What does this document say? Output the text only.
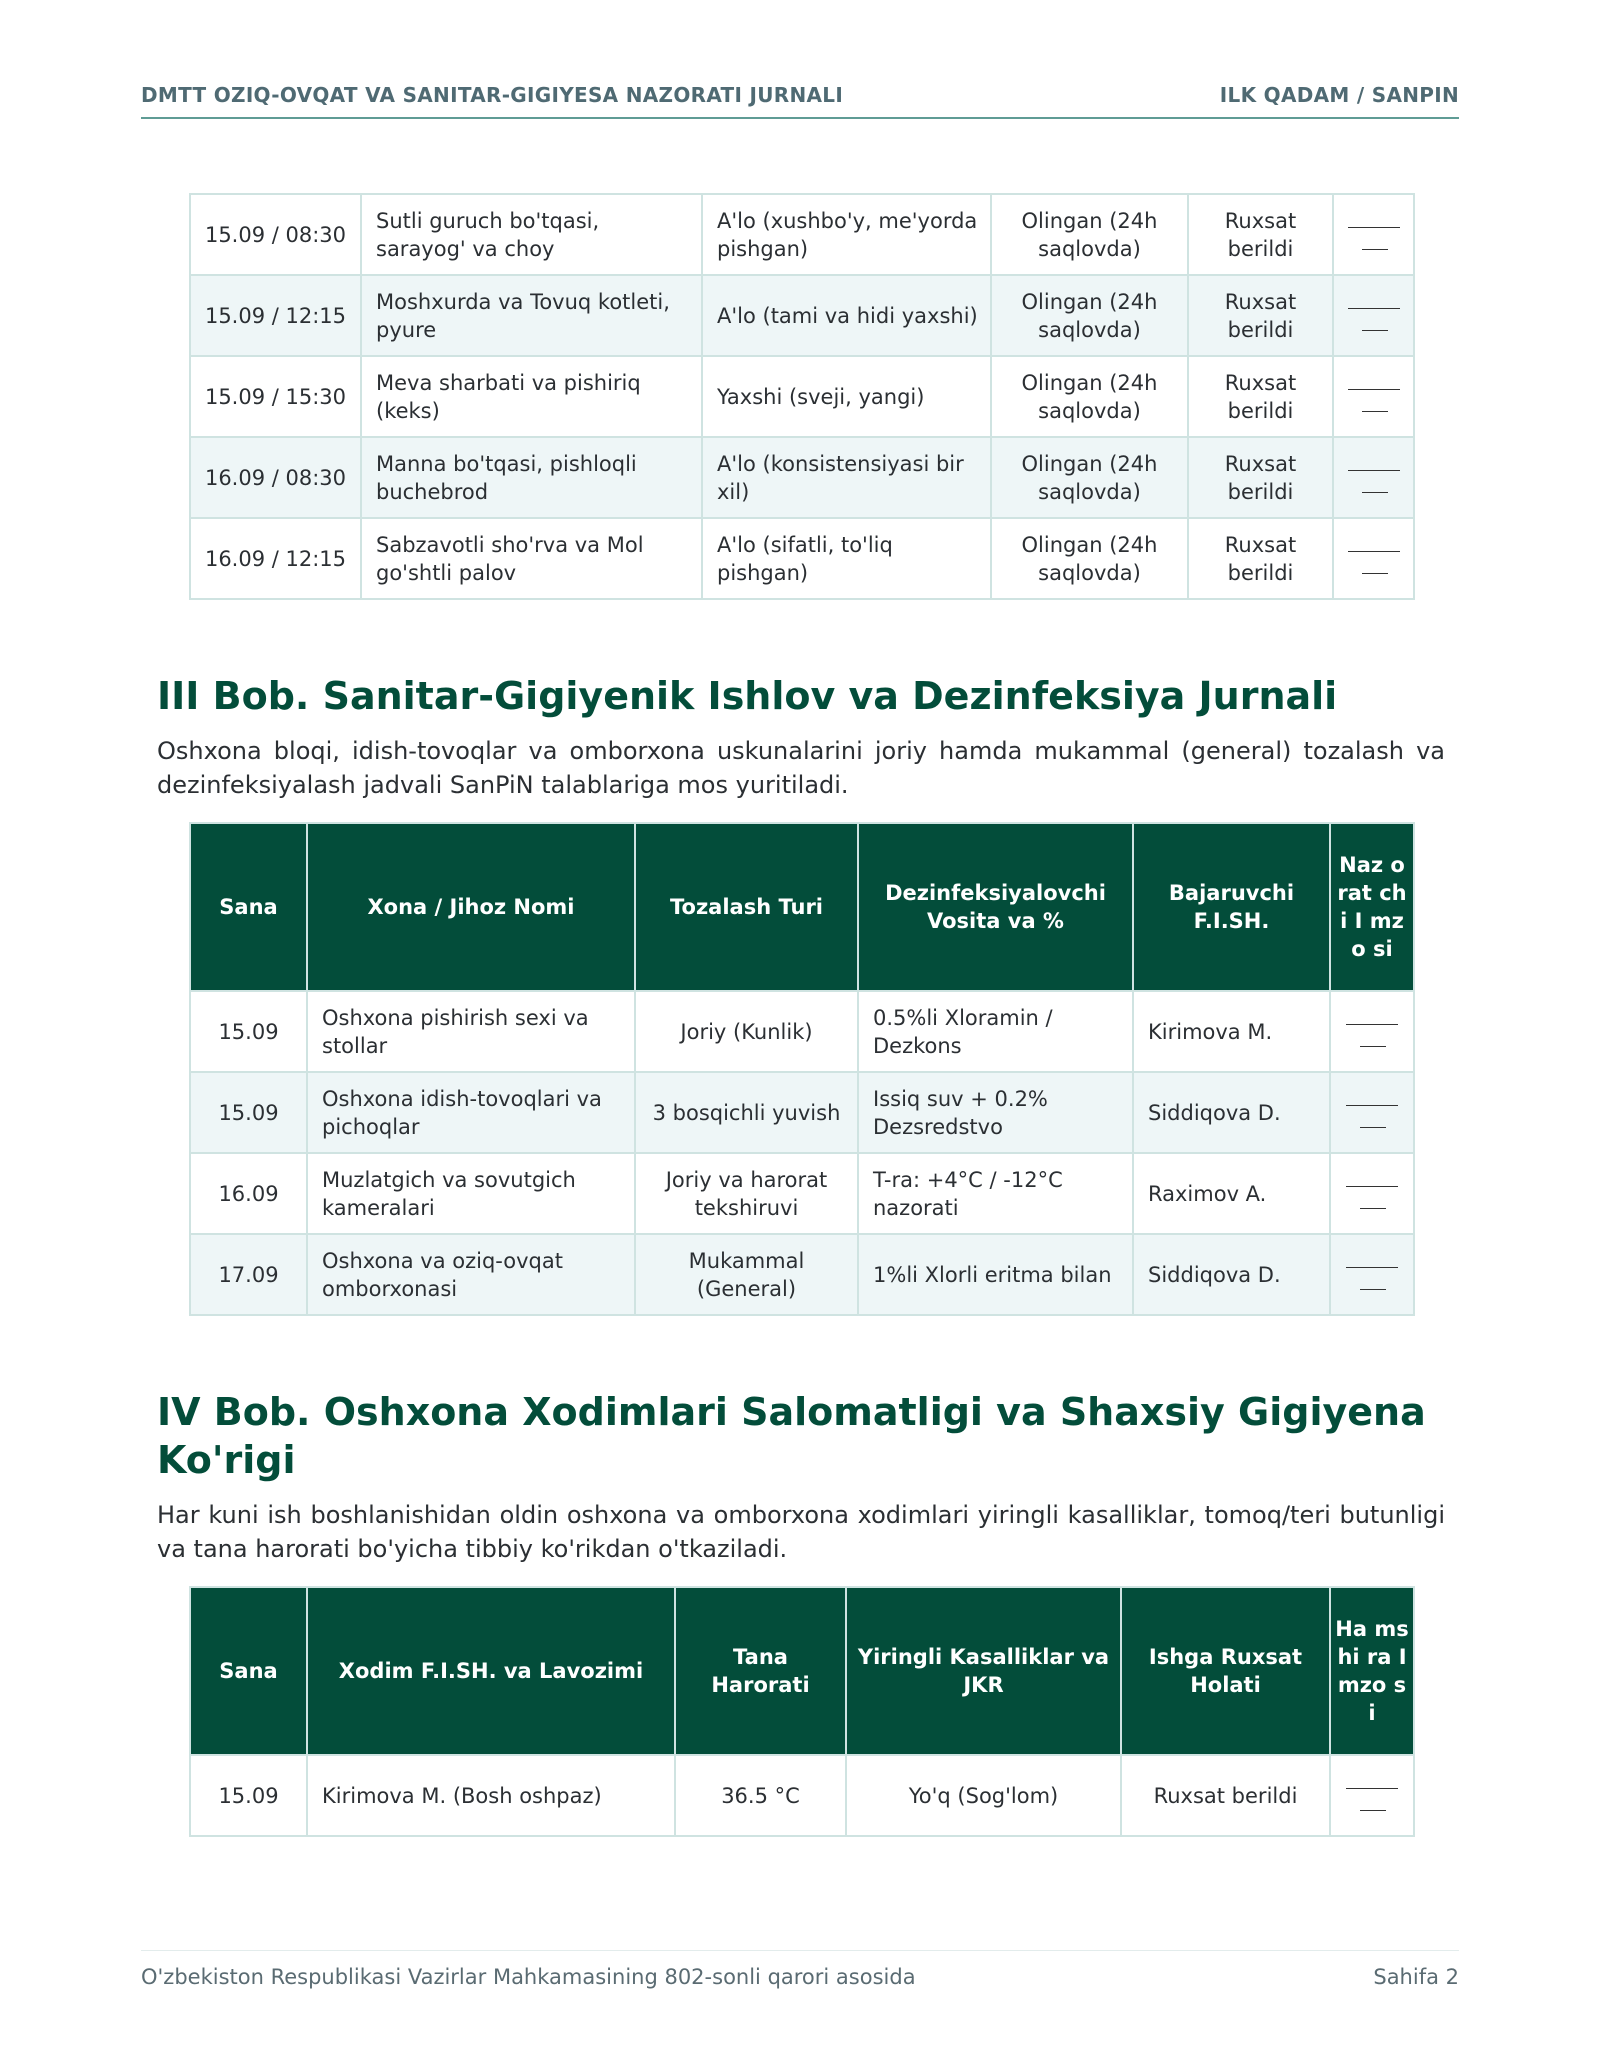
DMTT OZIQ-OVQAT VA SANITAR-GIGIYESA NAZORATI JURNALI	ILK QADAM / SANPIN
15.09 / 08:30	Sutli guruch bo'tqasi, sarayog' va choy	A'lo (xushbo'y, me'yorda pishgan)	Olingan (24h saqlovda)	Ruxsat berildi	
15.09 / 12:15	Moshxurda va Tovuq kotleti, pyure	A'lo (tami va hidi yaxshi)	Olingan (24h saqlovda)	Ruxsat berildi	
15.09 / 15:30	Meva sharbati va pishiriq (keks)	Yaxshi (sveji, yangi)	Olingan (24h saqlovda)	Ruxsat berildi	
16.09 / 08:30	Manna bo'tqasi, pishloqli buchebrod	A'lo (konsistensiyasi bir xil)	Olingan (24h saqlovda)	Ruxsat berildi	
16.09 / 12:15	Sabzavotli sho'rva va Mol go'shtli palov	A'lo (sifatli, to'liq pishgan)	Olingan (24h saqlovda)	Ruxsat berildi	
III Bob. Sanitar-Gigiyenik Ishlov va Dezinfeksiya Jurnali

Oshxona bloqi, idish-tovoqlar va omborxona uskunalarini joriy hamda mukammal (general) tozalash va dezinfeksiyalash jadvali SanPiN talablariga mos yuritiladi.

Sana	Xona / Jihoz Nomi	Tozalash Turi	Dezinfeksiyalovchi Vosita va %	Bajaruvchi F.I.SH.	Naz orat chi I mzo si
15.09	Oshxona pishirish sexi va stollar	Joriy (Kunlik)	0.5%li Xloramin / Dezkons	Kirimova M.	
15.09	Oshxona idish-tovoqlari va pichoqlar	3 bosqichli yuvish	Issiq suv + 0.2% Dezsredstvo	Siddiqova D.	
16.09	Muzlatgich va sovutgich kameralari	Joriy va harorat tekshiruvi	T-ra: +4°C / -12°C nazorati	Raximov A.	
17.09	Oshxona va oziq-ovqat omborxonasi	Mukammal (General)	1%li Xlorli eritma bilan	Siddiqova D.	
IV Bob. Oshxona Xodimlari Salomatligi va Shaxsiy Gigiyena Ko'rigi

Har kuni ish boshlanishidan oldin oshxona va omborxona xodimlari yiringli kasalliklar, tomoq/teri butunligi va tana harorati bo'yicha tibbiy ko'rikdan o'tkaziladi.

Sana	Xodim F.I.SH. va Lavozimi	Tana Harorati	Yiringli Kasalliklar va JKR	Ishga Ruxsat Holati	Ha mshi ra I mzo si
15.09	Kirimova M. (Bosh oshpaz)	36.5 °C	Yo'q (Sog'lom)	Ruxsat berildi	
O'zbekiston Respublikasi Vazirlar Mahkamasining 802-sonli qarori asosida	Sahifa 2
